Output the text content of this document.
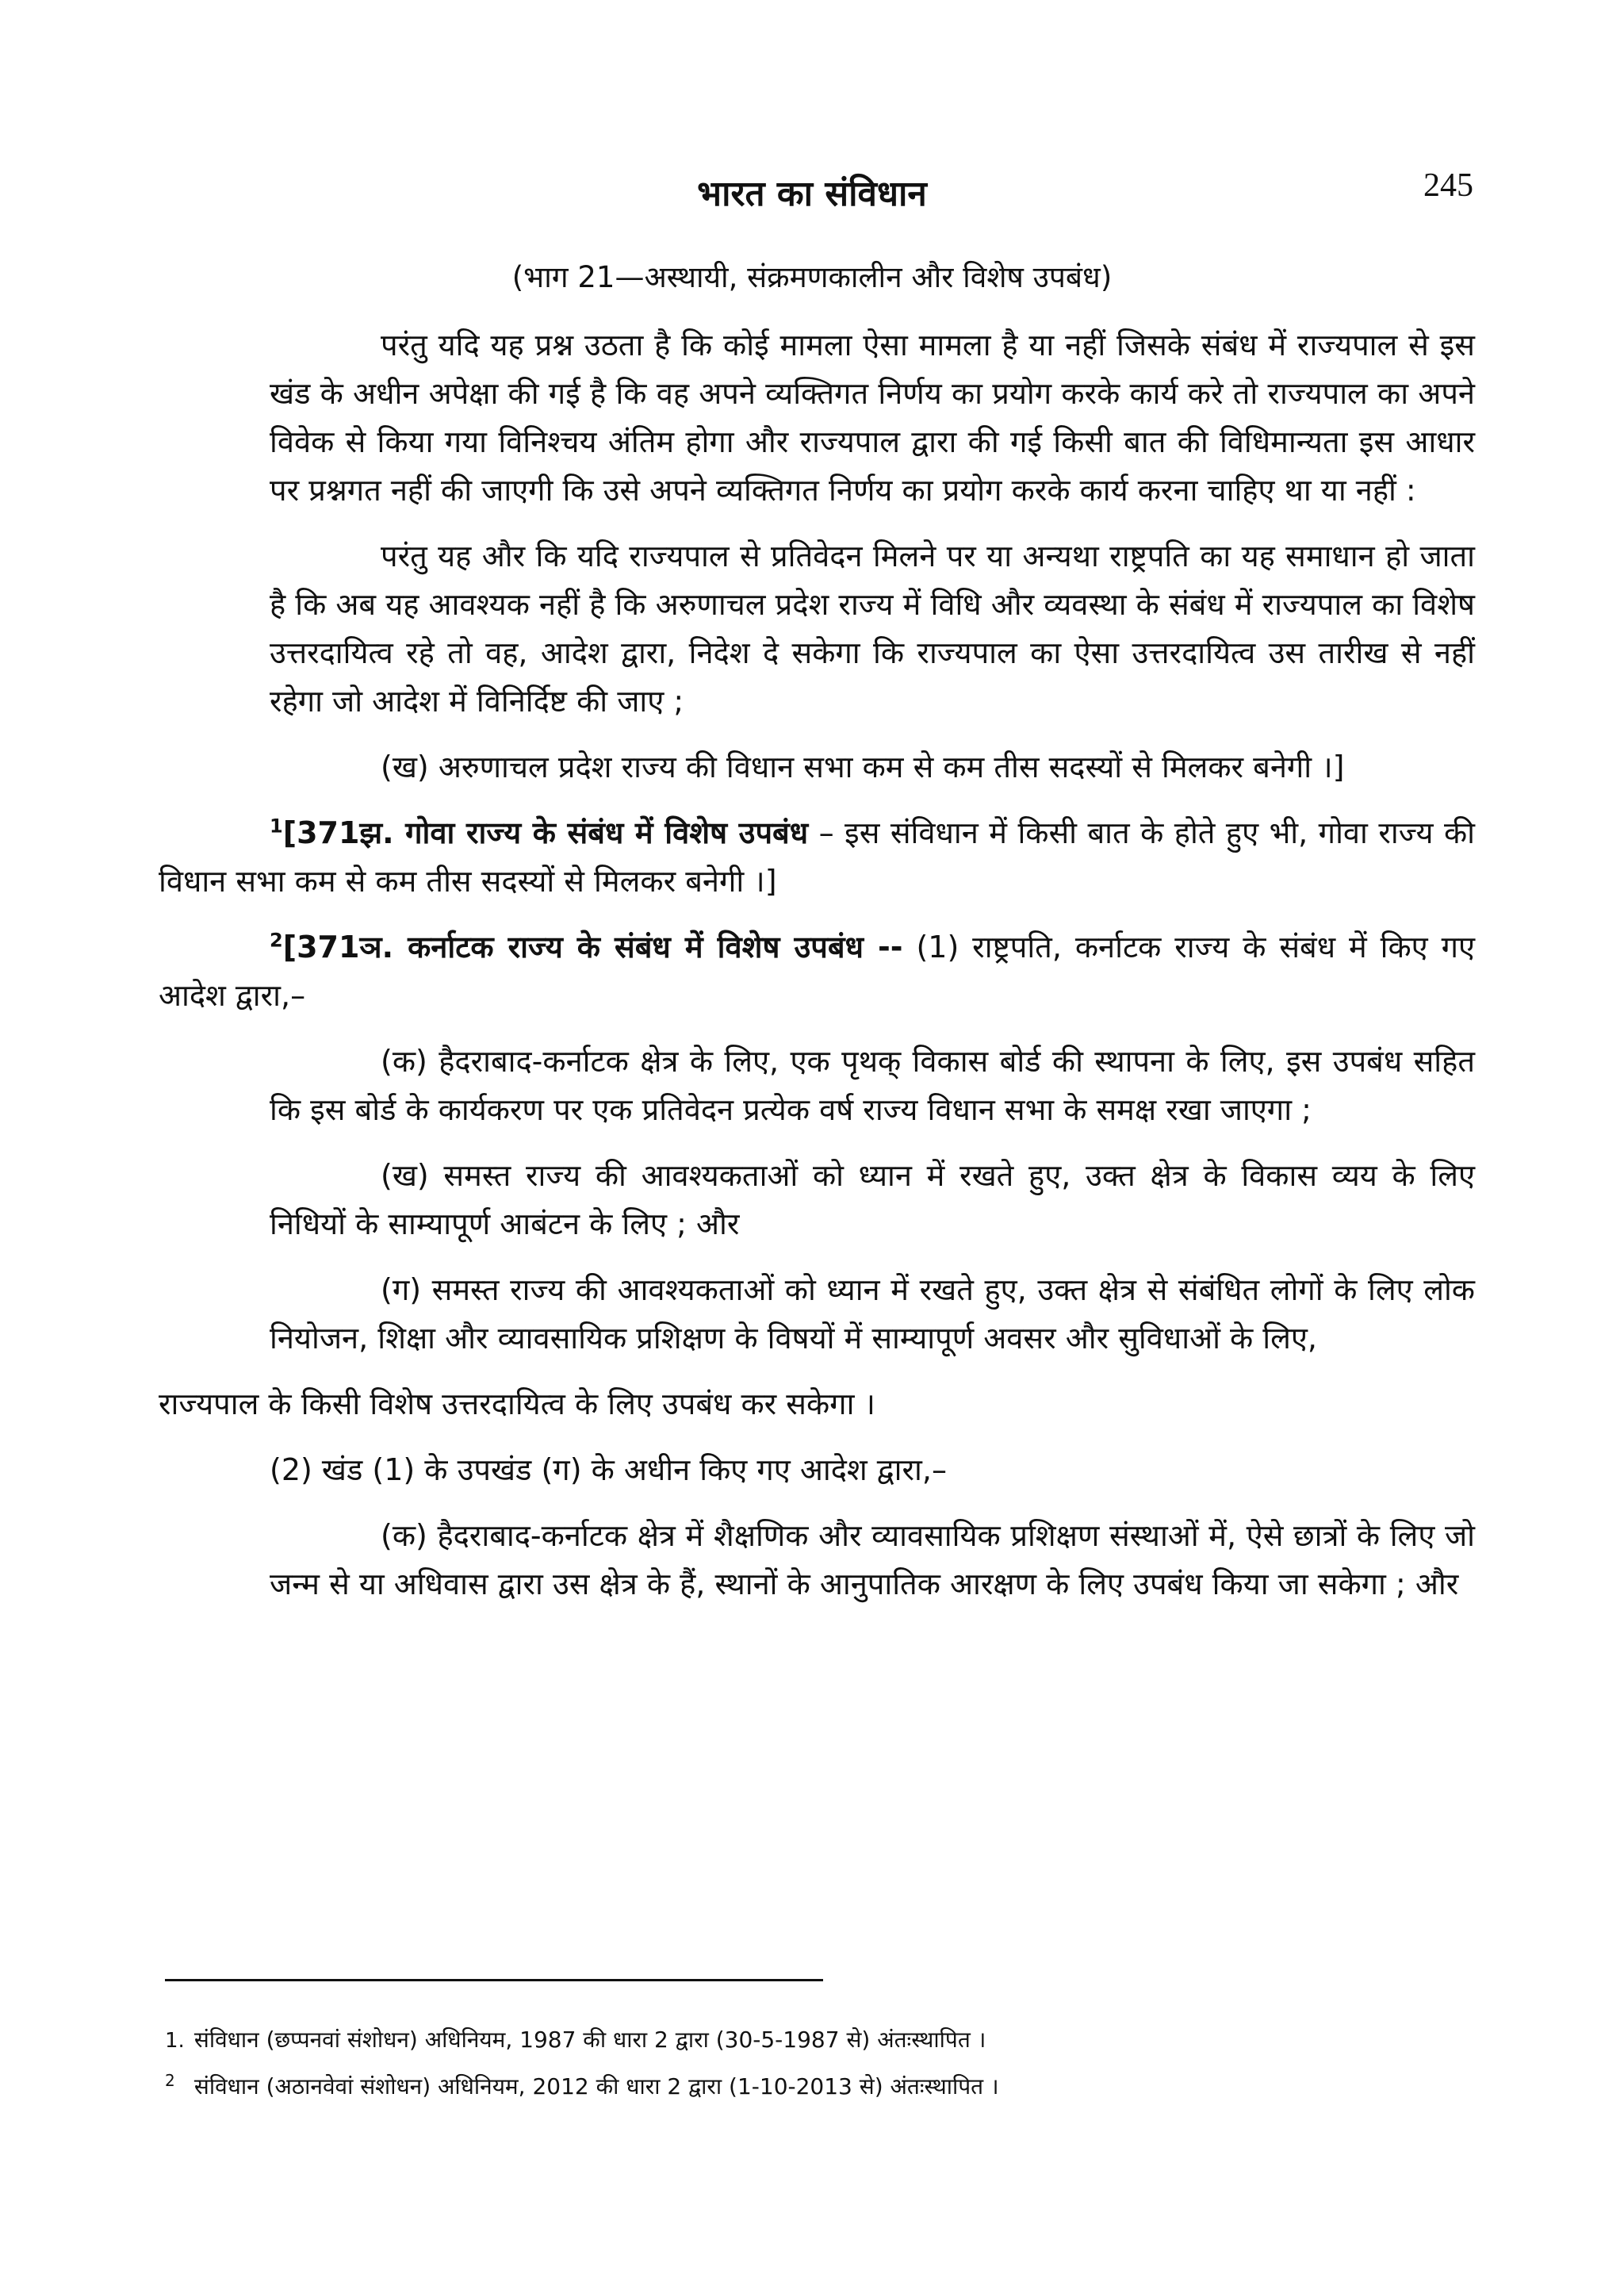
245
भारत का संविधान
(भाग 21—अस्थायी, संक्रमणकालीन और विशेष उपबंध)

परंतु यदि यह प्रश्न उठता है कि कोई मामला ऐसा मामला है या नहीं जिसके संबंध में राज्यपाल से इस खंड के अधीन अपेक्षा की गई है कि वह अपने व्यक्तिगत निर्णय का प्रयोग करके कार्य करे तो राज्यपाल का अपने विवेक से किया गया विनिश्चय अंतिम होगा और राज्यपाल द्वारा की गई किसी बात की विधिमान्यता इस आधार पर प्रश्नगत नहीं की जाएगी कि उसे अपने व्यक्तिगत निर्णय का प्रयोग करके कार्य करना चाहिए था या नहीं :

परंतु यह और कि यदि राज्यपाल से प्रतिवेदन मिलने पर या अन्यथा राष्ट्रपति का यह समाधान हो जाता है कि अब यह आवश्यक नहीं है कि अरुणाचल प्रदेश राज्य में विधि और व्यवस्था के संबंध में राज्यपाल का विशेष उत्तरदायित्व रहे तो वह, आदेश द्वारा, निदेश दे सकेगा कि राज्यपाल का ऐसा उत्तरदायित्व उस तारीख से नहीं रहेगा जो आदेश में विनिर्दिष्ट की जाए ;

(ख) अरुणाचल प्रदेश राज्य की विधान सभा कम से कम तीस सदस्यों से मिलकर बनेगी ।]

$^1$[371झ. गोवा राज्य के संबंध में विशेष उपबंध – इस संविधान में किसी बात के होते हुए भी, गोवा राज्य की विधान सभा कम से कम तीस सदस्यों से मिलकर बनेगी ।]

$^2$[371ञ. कर्नाटक राज्य के संबंध में विशेष उपबंध -- (1) राष्ट्रपति, कर्नाटक राज्य के संबंध में किए गए आदेश द्वारा,–

(क) हैदराबाद-कर्नाटक क्षेत्र के लिए, एक पृथक् विकास बोर्ड की स्थापना के लिए, इस उपबंध सहित कि इस बोर्ड के कार्यकरण पर एक प्रतिवेदन प्रत्येक वर्ष राज्य विधान सभा के समक्ष रखा जाएगा ;

(ख) समस्त राज्य की आवश्यकताओं को ध्यान में रखते हुए, उक्त क्षेत्र के विकास व्यय के लिए निधियों के साम्यापूर्ण आबंटन के लिए ; और

(ग) समस्त राज्य की आवश्यकताओं को ध्यान में रखते हुए, उक्त क्षेत्र से संबंधित लोगों के लिए लोक नियोजन, शिक्षा और व्यावसायिक प्रशिक्षण के विषयों में साम्यापूर्ण अवसर और सुविधाओं के लिए,

राज्यपाल के किसी विशेष उत्तरदायित्व के लिए उपबंध कर सकेगा ।

(2) खंड (1) के उपखंड (ग) के अधीन किए गए आदेश द्वारा,–

(क) हैदराबाद-कर्नाटक क्षेत्र में शैक्षणिक और व्यावसायिक प्रशिक्षण संस्थाओं में, ऐसे छात्रों के लिए जो जन्म से या अधिवास द्वारा उस क्षेत्र के हैं, स्थानों के आनुपातिक आरक्षण के लिए उपबंध किया जा सकेगा ; और

1. संविधान (छप्पनवां संशोधन) अधिनियम, 1987 की धारा 2 द्वारा (30-5-1987 से) अंतःस्थापित ।
2 संविधान (अठानवेवां संशोधन) अधिनियम, 2012 की धारा 2 द्वारा (1-10-2013 से) अंतःस्थापित ।
